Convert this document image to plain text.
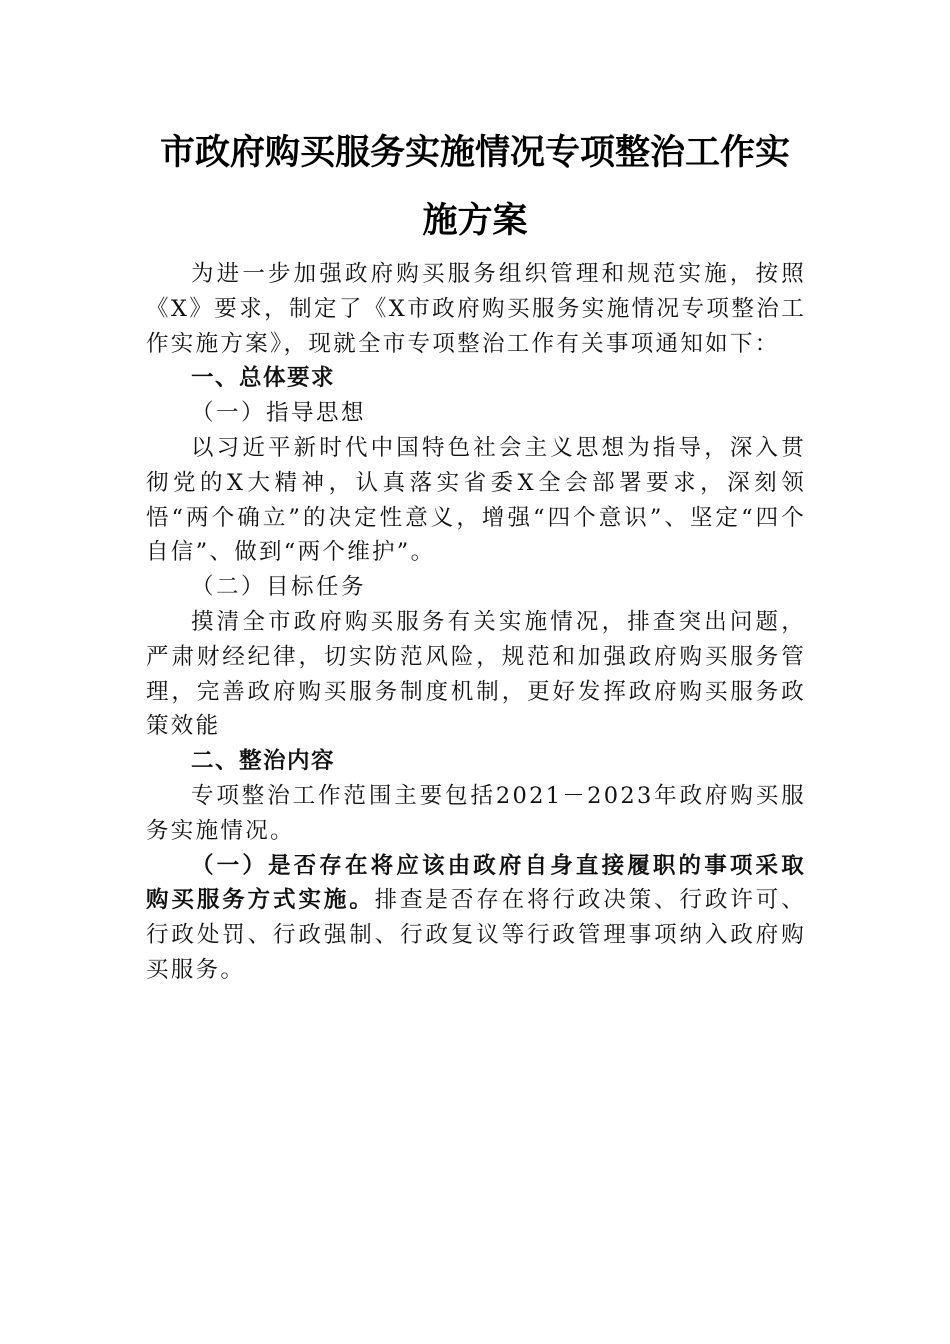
市政府购买服务实施情况专项整治工作实
施方案

为进一步加强政府购买服务组织管理和规范实施，按照《X》要求，制定了《X市政府购买服务实施情况专项整治工作实施方案》，现就全市专项整治工作有关事项通知如下：

一、总体要求

（一）指导思想

以习近平新时代中国特色社会主义思想为指导，深入贯彻党的X大精神，认真落实省委X全会部署要求，深刻领悟“两个确立”的决定性意义，增强“四个意识”、坚定“四个自信”、做到“两个维护”。

（二）目标任务

摸清全市政府购买服务有关实施情况，排查突出问题，严肃财经纪律，切实防范风险，规范和加强政府购买服务管理，完善政府购买服务制度机制，更好发挥政府购买服务政策效能

二、整治内容

专项整治工作范围主要包括2021－2023年政府购买服务实施情况。

（一）是否存在将应该由政府自身直接履职的事项采取购买服务方式实施。排查是否存在将行政决策、行政许可、行政处罚、行政强制、行政复议等行政管理事项纳入政府购买服务。
